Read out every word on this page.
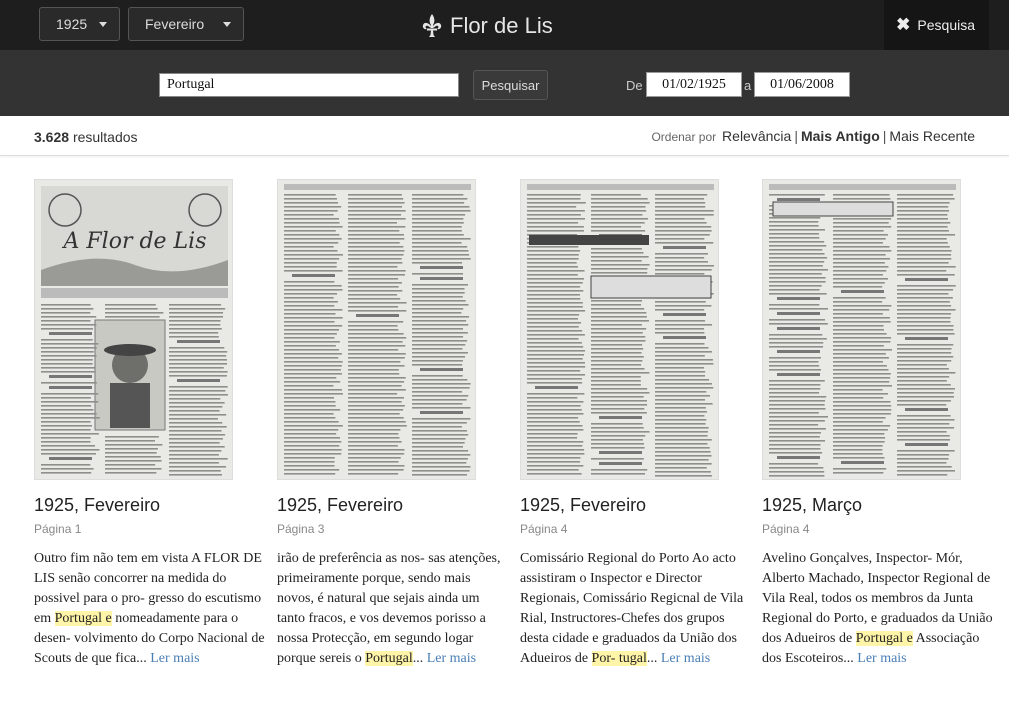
1925	Fevereiro	Flor de Lis	✖ Pesquisa
Portugal
Pesquisar	De
01/02/1925	a
01/06/2008
3.628 resultados	Ordenar por Relevância | Mais Antigo | Mais Recente
A Flor de Lis
1925, Fevereiro
Página 1
Outro fim não tem em vista A FLOR DE LIS senão concorrer na medida do possivel para o pro- gresso do escutismo em Portugal e nomeadamente para o desen- volvimento do Corpo Nacional de Scouts de que fica... Ler mais
1925, Fevereiro
Página 3
irão de preferência as nos- sas atenções, primeiramente porque, sendo mais novos, é natural que sejais ainda um tanto fracos, e vos devemos porisso a nossa Protecção, em segundo logar porque sereis o Portugal... Ler mais
1925, Fevereiro
Página 4
Comissário Regional do Porto Ao acto assistiram o Inspector e Director Regionais, Comissário Regicnal de Vila Rial, Instructores-Chefes dos grupos desta cidade e graduados da União dos Adueiros de Por- tugal... Ler mais
1925, Março
Página 4
Avelino Gonçalves, Inspector- Mór, Alberto Machado, Inspector Regional de Vila Real, todos os membros da Junta Regional do Porto, e graduados da União dos Adueiros de Portugal e Associação dos Escoteiros... Ler mais
